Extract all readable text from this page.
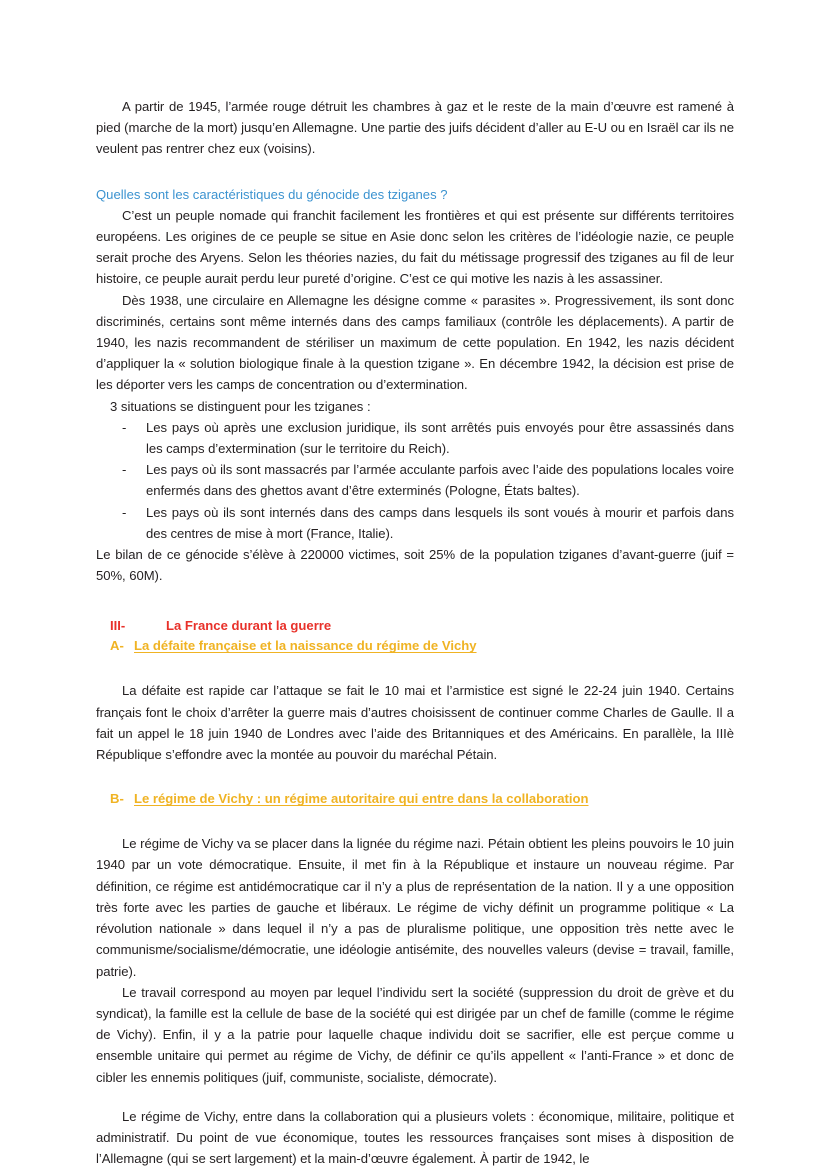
A partir de 1945, l’armée rouge détruit les chambres à gaz et le reste de la main d’œuvre est ramené à pied (marche de la mort) jusqu’en Allemagne. Une partie des juifs décident d’aller au E-U ou en Israël car ils ne veulent pas rentrer chez eux (voisins).

Quelles sont les caractéristiques du génocide des tziganes ?

C’est un peuple nomade qui franchit facilement les frontières et qui est présente sur différents territoires européens. Les origines de ce peuple se situe en Asie donc selon les critères de l’idéologie nazie, ce peuple serait proche des Aryens. Selon les théories nazies, du fait du métissage progressif des tziganes au fil de leur histoire, ce peuple aurait perdu leur pureté d’origine. C’est ce qui motive les nazis à les assassiner.

Dès 1938, une circulaire en Allemagne les désigne comme « parasites ». Progressivement, ils sont donc discriminés, certains sont même internés dans des camps familiaux (contrôle les déplacements). A partir de 1940, les nazis recommandent de stériliser un maximum de cette population. En 1942, les nazis décident d’appliquer la « solution biologique finale à la question tzigane ». En décembre 1942, la décision est prise de les déporter vers les camps de concentration ou d’extermination.

3 situations se distinguent pour les tziganes :

- Les pays où après une exclusion juridique, ils sont arrêtés puis envoyés pour être assassinés dans les camps d’extermination (sur le territoire du Reich).
- Les pays où ils sont massacrés par l’armée acculante parfois avec l’aide des populations locales voire enfermés dans des ghettos avant d’être exterminés (Pologne, États baltes).
- Les pays où ils sont internés dans des camps dans lesquels ils sont voués à mourir et parfois dans des centres de mise à mort (France, Italie).

Le bilan de ce génocide s’élève à 220000 victimes, soit 25% de la population tziganes d’avant-guerre (juif = 50%, 60M).

III-	La France durant la guerre

A- La défaite française et la naissance du régime de Vichy

La défaite est rapide car l’attaque se fait le 10 mai et l’armistice est signé le 22-24 juin 1940. Certains français font le choix d’arrêter la guerre mais d’autres choisissent de continuer comme Charles de Gaulle. Il a fait un appel le 18 juin 1940 de Londres avec l’aide des Britanniques et des Américains. En parallèle, la IIIè République s’effondre avec la montée au pouvoir du maréchal Pétain.

B- Le régime de Vichy : un régime autoritaire qui entre dans la collaboration

Le régime de Vichy va se placer dans la lignée du régime nazi. Pétain obtient les pleins pouvoirs le 10 juin 1940 par un vote démocratique. Ensuite, il met fin à la République et instaure un nouveau régime. Par définition, ce régime est antidémocratique car il n’y a plus de représentation de la nation. Il y a une opposition très forte avec les parties de gauche et libéraux. Le régime de vichy définit un programme politique « La révolution nationale » dans lequel il n’y a pas de pluralisme politique, une opposition très nette avec le communisme/socialisme/démocratie, une idéologie antisémite, des nouvelles valeurs (devise = travail, famille, patrie).

Le travail correspond au moyen par lequel l’individu sert la société (suppression du droit de grève et du syndicat), la famille est la cellule de base de la société qui est dirigée par un chef de famille (comme le régime de Vichy). Enfin, il y a la patrie pour laquelle chaque individu doit se sacrifier, elle est perçue comme u ensemble unitaire qui permet au régime de Vichy, de définir ce qu’ils appellent « l’anti-France » et donc de cibler les ennemis politiques (juif, communiste, socialiste, démocrate).

Le régime de Vichy, entre dans la collaboration qui a plusieurs volets : économique, militaire, politique et administratif. Du point de vue économique, toutes les ressources françaises sont mises à disposition de l’Allemagne (qui se sert largement) et la main-d’œuvre également. À partir de 1942, le
